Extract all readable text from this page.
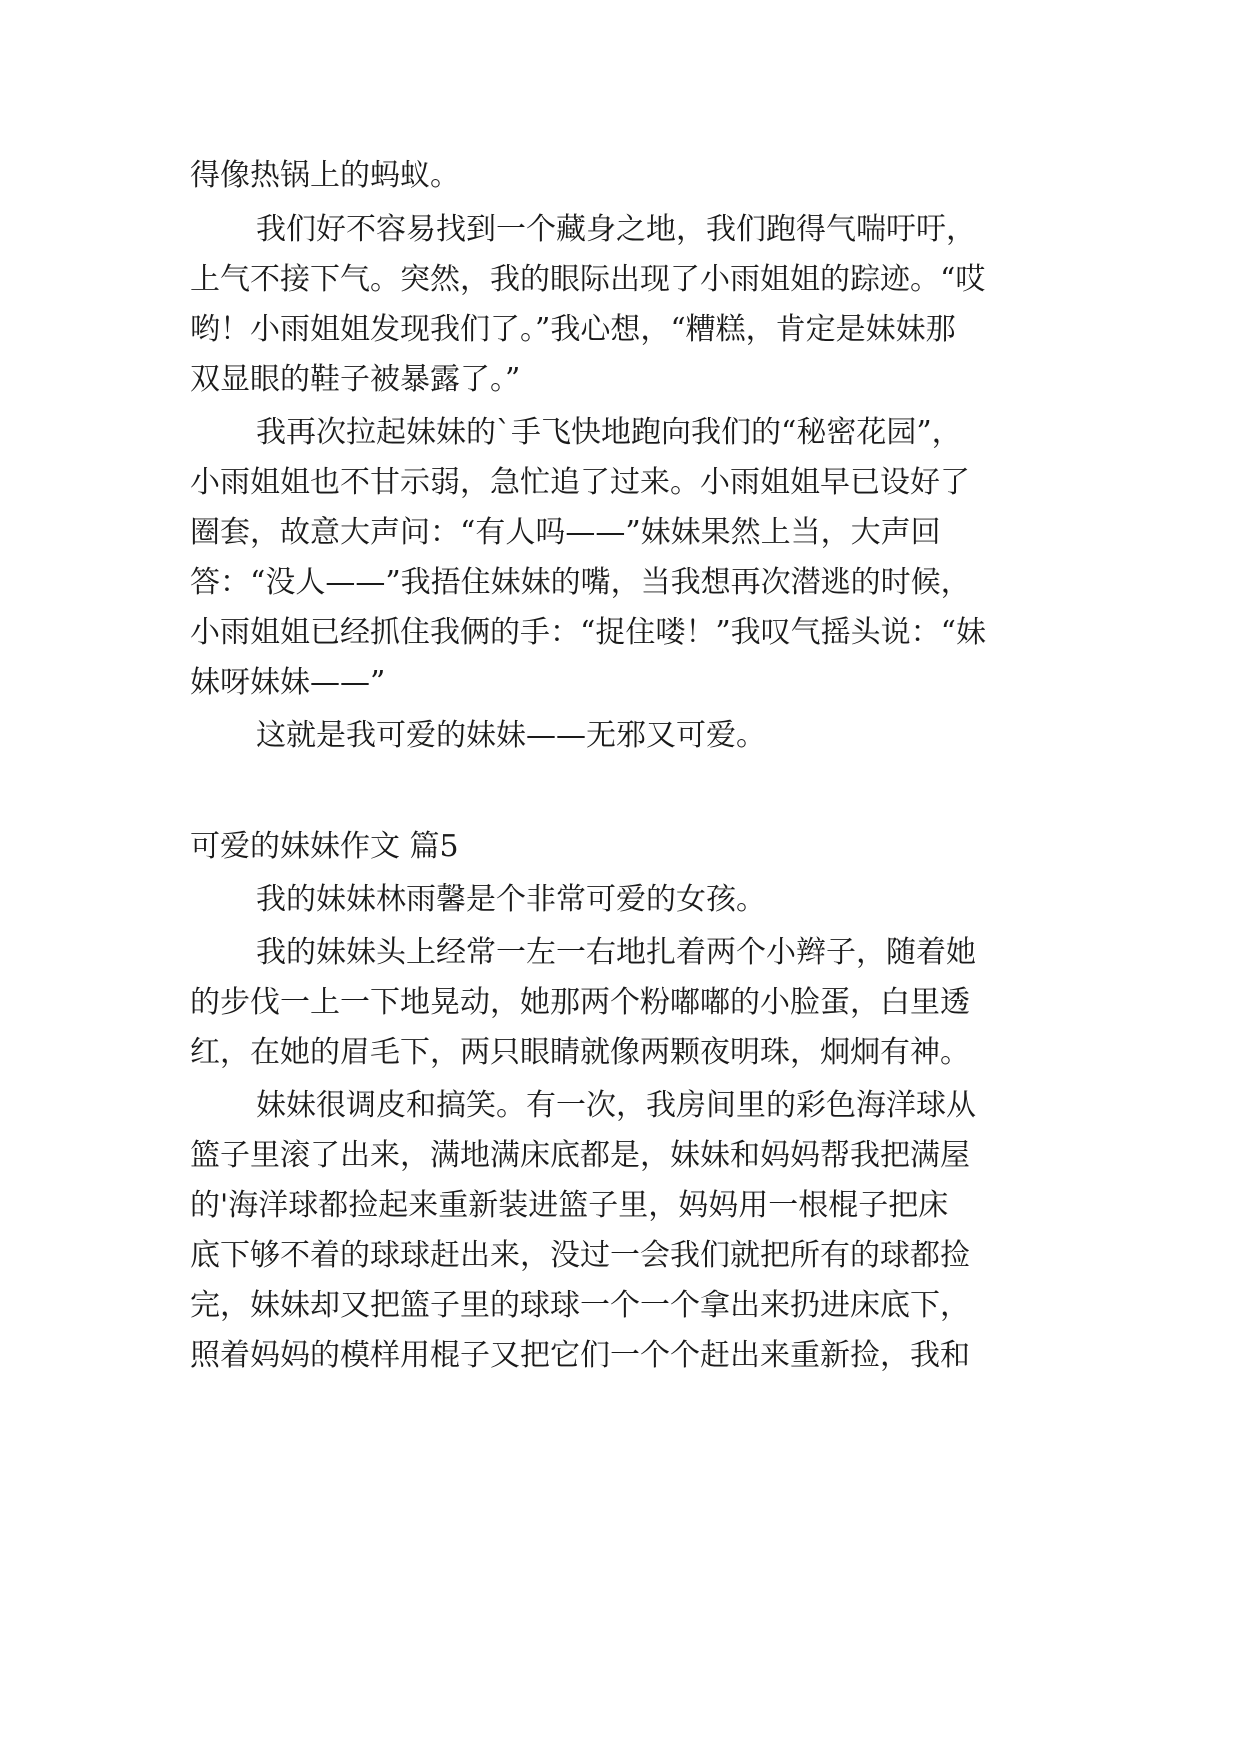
得像热锅上的蚂蚁。
我们好不容易找到一个藏身之地，我们跑得气喘吁吁，
上气不接下气。突然，我的眼际出现了小雨姐姐的踪迹。“哎
哟！小雨姐姐发现我们了。”我心想，“糟糕，肯定是妹妹那
双显眼的鞋子被暴露了。”
我再次拉起妹妹的`手飞快地跑向我们的“秘密花园”，
小雨姐姐也不甘示弱，急忙追了过来。小雨姐姐早已设好了
圈套，故意大声问：“有人吗——”妹妹果然上当，大声回
答：“没人——”我捂住妹妹的嘴，当我想再次潜逃的时候，
小雨姐姐已经抓住我俩的手：“捉住喽！”我叹气摇头说：“妹
妹呀妹妹——”
这就是我可爱的妹妹——无邪又可爱。
可爱的妹妹作文 篇5
我的妹妹林雨馨是个非常可爱的女孩。
我的妹妹头上经常一左一右地扎着两个小辫子，随着她
的步伐一上一下地晃动，她那两个粉嘟嘟的小脸蛋，白里透
红，在她的眉毛下，两只眼睛就像两颗夜明珠，炯炯有神。
妹妹很调皮和搞笑。有一次，我房间里的彩色海洋球从
篮子里滚了出来，满地满床底都是，妹妹和妈妈帮我把满屋
的'海洋球都捡起来重新装进篮子里，妈妈用一根棍子把床
底下够不着的球球赶出来，没过一会我们就把所有的球都捡
完，妹妹却又把篮子里的球球一个一个拿出来扔进床底下，
照着妈妈的模样用棍子又把它们一个个赶出来重新捡，我和
